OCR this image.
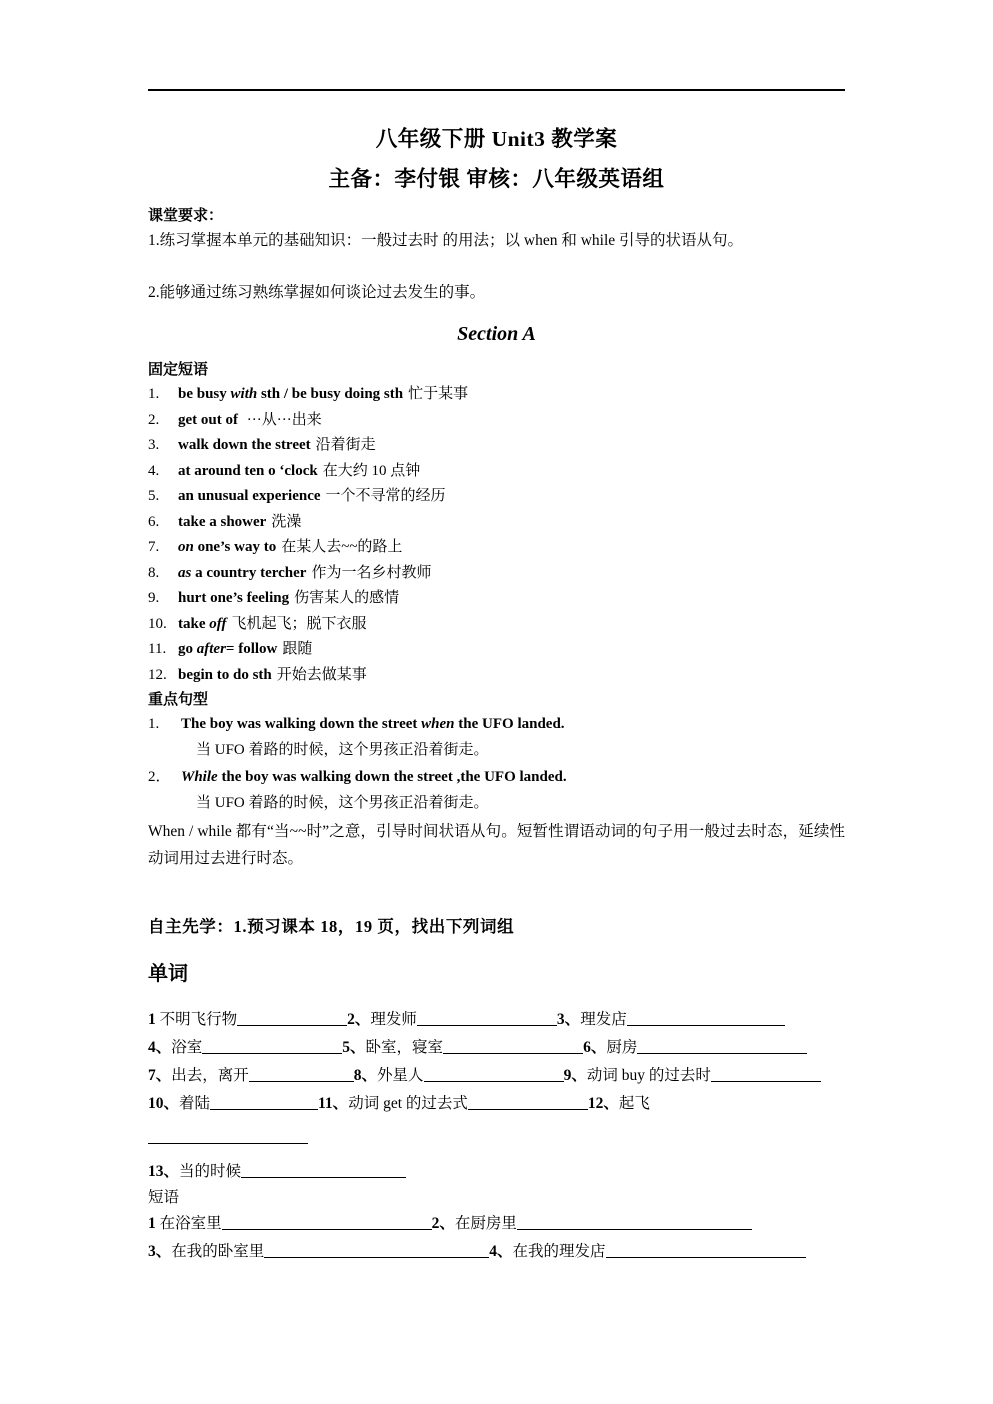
八年级下册 Unit3 教学案
主备：李付银 审核：八年级英语组
课堂要求：
1.练习掌握本单元的基础知识：一般过去时 的用法；以 when 和 while 引导的状语从句。
2.能够通过练习熟练掌握如何谈论过去发生的事。
Section A
固定短语
1.	be busy with sth / be busy doing sth 忙于某事
2.	get out of ···从···出来
3.	walk down the street 沿着街走
4.	at around ten o ‘clock 在大约 10 点钟
5.	an unusual experience 一个不寻常的经历
6.	take a shower 洗澡
7.	on one’s way to 在某人去~~的路上
8.	as a country tercher 作为一名乡村教师
9.	hurt one’s feeling 伤害某人的感情
10. take off 飞机起飞；脱下衣服
11. go after= follow 跟随
12. begin to do sth 开始去做某事
重点句型
1. The boy was walking down the street when the UFO landed.
当 UFO 着路的时候，这个男孩正沿着街走。
2． While the boy was walking down the street ,the UFO landed.
当 UFO 着路的时候，这个男孩正沿着街走。
When / while 都有“当~~时”之意，引导时间状语从句。短暂性谓语动词的句子用一般过去时态，延续性动词用过去进行时态。
自主先学：1.预习课本 18，19 页，找出下列词组
单词
1 不明飞行物	2、理发师	3、理发店
4、浴室	5、卧室，寝室	6、厨房
7、出去，离开	8、外星人	9、动词 buy 的过去时
10、着陆	11、动词 get 的过去式	12、起飞
13、当的时候
短语
1 在浴室里	2、在厨房里
3、在我的卧室里	4、在我的理发店
